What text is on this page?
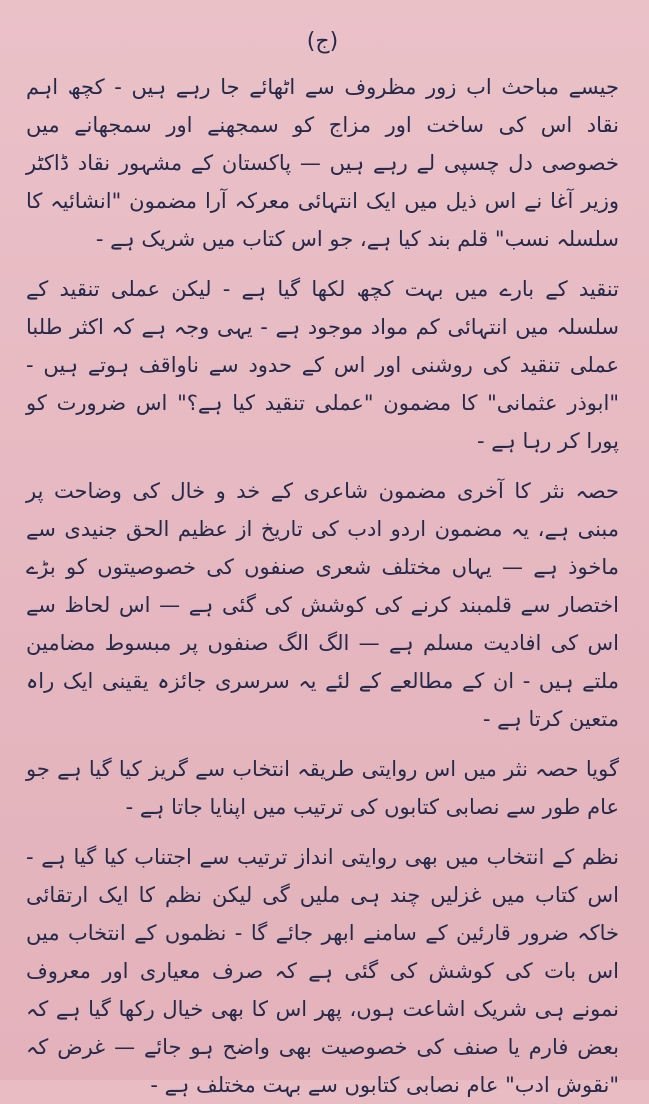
(ج)

جیسے مباحث اب زور مظروف سے اٹھائے جا رہے ہیں - کچھ اہم نقاد اس کی ساخت اور مزاج کو سمجھنے اور سمجھانے میں خصوصی دل چسپی لے رہے ہیں — پاکستان کے مشہور نقاد ڈاکٹر وزیر آغا نے اس ذیل میں ایک انتہائی معرکہ آرا مضمون "انشائیہ کا سلسلہ نسب" قلم بند کیا ہے، جو اس کتاب میں شریک ہے -

تنقید کے بارے میں بہت کچھ لکھا گیا ہے - لیکن عملی تنقید کے سلسلہ میں انتہائی کم مواد موجود ہے - یہی وجہ ہے کہ اکثر طلبا عملی تنقید کی روشنی اور اس کے حدود سے ناواقف ہوتے ہیں - "ابوذر عثمانی" کا مضمون "عملی تنقید کیا ہے؟" اس ضرورت کو پورا کر رہا ہے -

حصہ نثر کا آخری مضمون شاعری کے خد و خال کی وضاحت پر مبنی ہے، یہ مضمون اردو ادب کی تاریخ از عظیم الحق جنیدی سے ماخوذ ہے — یہاں مختلف شعری صنفوں کی خصوصیتوں کو بڑے اختصار سے قلمبند کرنے کی کوشش کی گئی ہے — اس لحاظ سے اس کی افادیت مسلم ہے — الگ الگ صنفوں پر مبسوط مضامین ملتے ہیں - ان کے مطالعے کے لئے یہ سرسری جائزہ یقینی ایک راہ متعین کرتا ہے -

گویا حصہ نثر میں اس روایتی طریقہ انتخاب سے گریز کیا گیا ہے جو عام طور سے نصابی کتابوں کی ترتیب میں اپنایا جاتا ہے -

نظم کے انتخاب میں بھی روایتی انداز ترتیب سے اجتناب کیا گیا ہے - اس کتاب میں غزلیں چند ہی ملیں گی لیکن نظم کا ایک ارتقائی خاکہ ضرور قارئین کے سامنے ابھر جائے گا - نظموں کے انتخاب میں اس بات کی کوشش کی گئی ہے کہ صرف معیاری اور معروف نمونے ہی شریک اشاعت ہوں، پھر اس کا بھی خیال رکھا گیا ہے کہ بعض فارم یا صنف کی خصوصیت بھی واضح ہو جائے — غرض کہ "نقوش ادب" عام نصابی کتابوں سے بہت مختلف ہے -
